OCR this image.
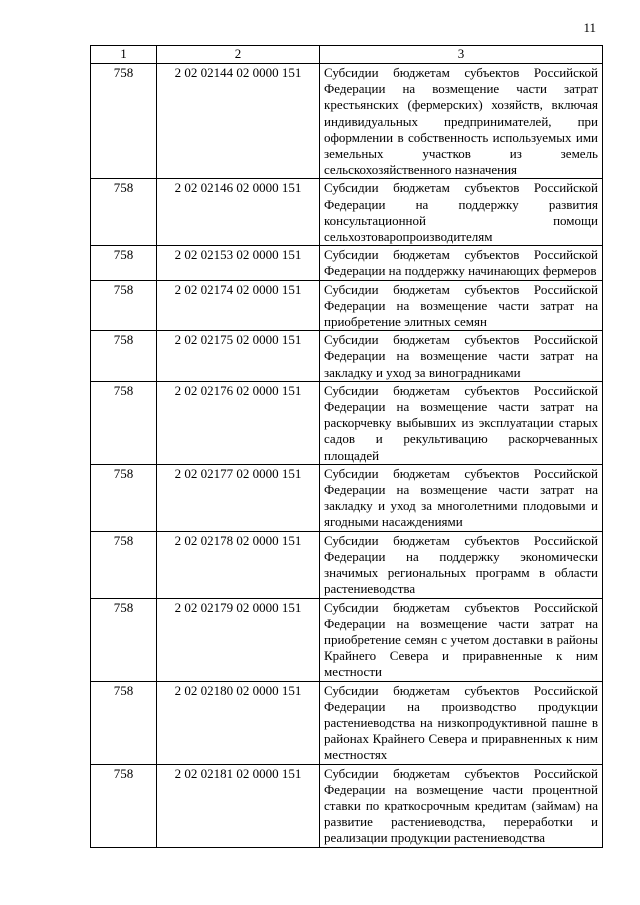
11
1	2	3
758	2 02 02144 02 0000 151	Субсидии бюджетам субъектов Российской Федерации на возмещение части затрат крестьянских (фермерских) хозяйств, включая индивидуальных предпринимателей, при оформлении в собственность используемых ими земельных участков из земель сельскохозяйственного назначения
758	2 02 02146 02 0000 151	Субсидии бюджетам субъектов Российской Федерации на поддержку развития консультационной помощи сельхозтоваропроизводителям
758	2 02 02153 02 0000 151	Субсидии бюджетам субъектов Российской Федерации на поддержку начинающих фермеров
758	2 02 02174 02 0000 151	Субсидии бюджетам субъектов Российской Федерации на возмещение части затрат на приобретение элитных семян
758	2 02 02175 02 0000 151	Субсидии бюджетам субъектов Российской Федерации на возмещение части затрат на закладку и уход за виноградниками
758	2 02 02176 02 0000 151	Субсидии бюджетам субъектов Российской Федерации на возмещение части затрат на раскорчевку выбывших из эксплуатации старых садов и рекультивацию раскорчеванных площадей
758	2 02 02177 02 0000 151	Субсидии бюджетам субъектов Российской Федерации на возмещение части затрат на закладку и уход за многолетними плодовыми и ягодными насаждениями
758	2 02 02178 02 0000 151	Субсидии бюджетам субъектов Российской Федерации на поддержку экономически значимых региональных программ в области растениеводства
758	2 02 02179 02 0000 151	Субсидии бюджетам субъектов Российской Федерации на возмещение части затрат на приобретение семян с учетом доставки в районы Крайнего Севера и приравненные к ним местности
758	2 02 02180 02 0000 151	Субсидии бюджетам субъектов Российской Федерации на производство продукции растениеводства на низкопродуктивной пашне в районах Крайнего Севера и приравненных к ним местностях
758	2 02 02181 02 0000 151	Субсидии бюджетам субъектов Российской Федерации на возмещение части процентной ставки по краткосрочным кредитам (займам) на развитие растениеводства, переработки и реализации продукции растениеводства
